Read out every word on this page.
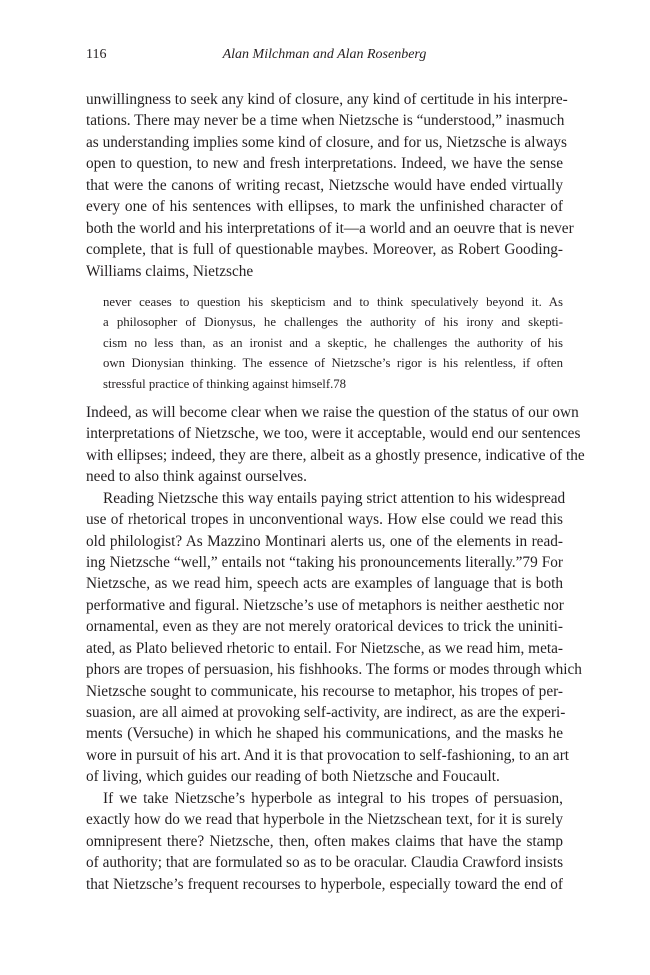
116	Alan Milchman and Alan Rosenberg
unwillingness to seek any kind of closure, any kind of certitude in his interpre-
tations. There may never be a time when Nietzsche is “understood,” inasmuch
as understanding implies some kind of closure, and for us, Nietzsche is always
open to question, to new and fresh interpretations. Indeed, we have the sense
that were the canons of writing recast, Nietzsche would have ended virtually
every one of his sentences with ellipses, to mark the unfinished character of
both the world and his interpretations of it—a world and an oeuvre that is never
complete, that is full of questionable maybes. Moreover, as Robert Gooding-
Williams claims, Nietzsche
never ceases to question his skepticism and to think speculatively beyond it. As
a philosopher of Dionysus, he challenges the authority of his irony and skepti-
cism no less than, as an ironist and a skeptic, he challenges the authority of his
own Dionysian thinking. The essence of Nietzsche’s rigor is his relentless, if often
stressful practice of thinking against himself.78
Indeed, as will become clear when we raise the question of the status of our own
interpretations of Nietzsche, we too, were it acceptable, would end our sentences
with ellipses; indeed, they are there, albeit as a ghostly presence, indicative of the
need to also think against ourselves.
Reading Nietzsche this way entails paying strict attention to his widespread
use of rhetorical tropes in unconventional ways. How else could we read this
old philologist? As Mazzino Montinari alerts us, one of the elements in read-
ing Nietzsche “well,” entails not “taking his pronouncements literally.”79 For
Nietzsche, as we read him, speech acts are examples of language that is both
performative and figural. Nietzsche’s use of metaphors is neither aesthetic nor
ornamental, even as they are not merely oratorical devices to trick the uniniti-
ated, as Plato believed rhetoric to entail. For Nietzsche, as we read him, meta-
phors are tropes of persuasion, his fishhooks. The forms or modes through which
Nietzsche sought to communicate, his recourse to metaphor, his tropes of per-
suasion, are all aimed at provoking self-activity, are indirect, as are the experi-
ments (Versuche) in which he shaped his communications, and the masks he
wore in pursuit of his art. And it is that provocation to self-fashioning, to an art
of living, which guides our reading of both Nietzsche and Foucault.
If we take Nietzsche’s hyperbole as integral to his tropes of persuasion,
exactly how do we read that hyperbole in the Nietzschean text, for it is surely
omnipresent there? Nietzsche, then, often makes claims that have the stamp
of authority; that are formulated so as to be oracular. Claudia Crawford insists
that Nietzsche’s frequent recourses to hyperbole, especially toward the end of
